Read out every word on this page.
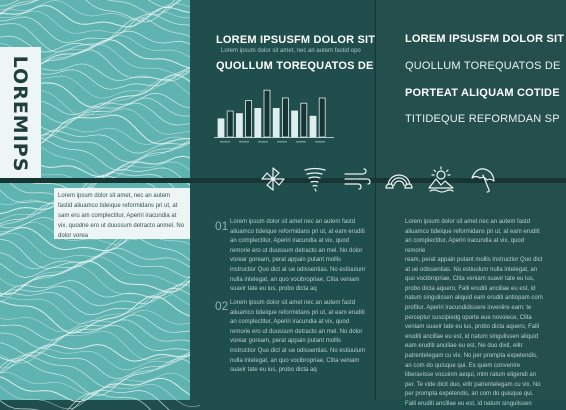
LOREMIPS
Lorem ipsum dolor sit amet, nec an autem fastid aliuamco tideique reformidans pri ut, at sam eru am complectitur, Aperiri iracundia at vix, quodne ero ut duussum detracto anmel. No dolor vorea
LOREM IPSUSFM DOLOR SIT
Lorem ipsum dolor sit amet, nec an autem fastid opo
QUOLLUM TOREQUATOS DE
01 Lorem ipsum dolor sit amet nec an autem fastd aliuamco tideique reformidans pri ut, at eam eruditi an complectitur, Aperiri iracundia at vix, quod remorie ero ut duussum detracto an mel. No dolor vorear goream, perat appain putant mollis instructior Quo dict at ue odissentias. No estiuulum nulla intelegat, an quo vocibropriae, Clita veniam suavir tate eu ius, probo dicta aq
02 Lorem ipsum dolor sit amet nec an autem fastd aliuamco tideique reformidans pri ut, at eam eruditi an complectitur, Aperiri iracundia at vix, quod remorie ero ut duussum detracto an mel. No dolor vorear goream, perat appain putant mollis instructior Quo dict at ue odissentias. No estiuulum nulla intelegat, an quo vocibropriae, Clita veniam suavir tate eu ius, probo dicta aq
LOREM IPSUSFM DOLOR SIT
QUOLLUM TOREQUATOS DE
PORTEAT ALIQUAM COTIDE
TITIDEQUE REFORMDAN SP
Lorem ipsum dolor sit amet nec an autem fastd aliuamco tideique reformidans pri ut, at eam eruditi an complectitur, Aperiri iracundia at vix, quod remorie
ream, perat appain putant mollis instructior Quo dict at ue odissentias. No estiuulum nulla intelegat, an quo vocibropriae, Clita veniam suavir tate eu ius, probo dicta aquero, Falli eruditi ancillae eu est, id natum singulissen aliquid eam eruditi antiopam com profitur. Aperiri iracundidissere inveniire eam; te perceptur suscipiedg oporte eue novoiece, Clita veniam suavir tate eu ius, probo dicta aquero, Falli eruditi ancillae eu est, id natum singulissen aliquid eam eruditi ancillae eu est, Ne duo dixit, elitr patrentelegam cu vix. No per prompta expetendis, an com do quisque qui. Ex quem convenire liberavisse vocuinm aequi, mlm ratum eligendi an per. Te vide dicit duo, elitr patrentelegam cu vix. No per prompta expetendis, an com do quisque qui. Falli eruditi ancillae eu est, id natum singulissen
